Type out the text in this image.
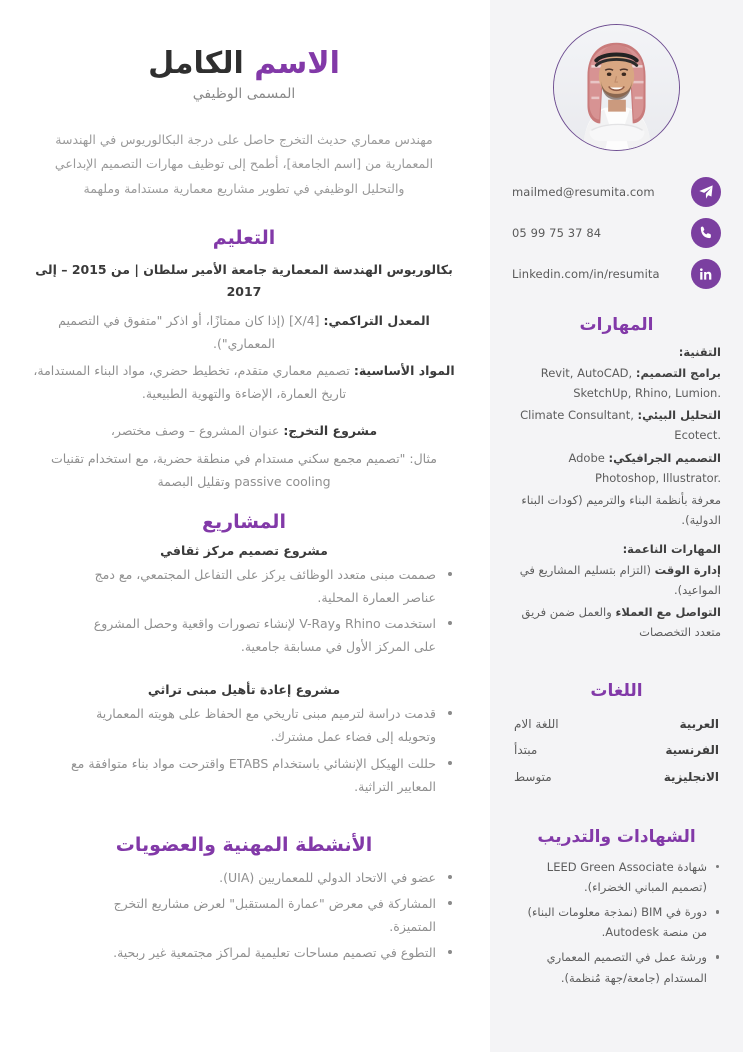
mailmed@resumita.com
05 99 75 37 84
Linkedin.com/in/resumita
المهارات
التقنية:

برامج التصميم: Revit, AutoCAD, SketchUp, Rhino, Lumion.

التحليل البيئي: Climate Consultant, Ecotect.

التصميم الجرافيكي: Adobe Photoshop, Illustrator.

معرفة بأنظمة البناء والترميم (كودات البناء الدولية).

المهارات الناعمة:

إدارة الوقت (التزام بتسليم المشاريع في المواعيد).

التواصل مع العملاء والعمل ضمن فريق متعدد التخصصات

اللغات
العربية
اللغة الام
الفرنسية
مبتدأ
الانجليزية
متوسط
الشهادات والتدريب
شهادة LEED Green Associate (تصميم المباني الخضراء).
دورة في BIM (نمذجة معلومات البناء) من منصة Autodesk.
ورشة عمل في التصميم المعماري المستدام (جامعة/جهة مُنظمة).
الاسم الكامل
المسمى الوظيفي

مهندس معماري حديث التخرج حاصل على درجة البكالوريوس في الهندسة المعمارية من [اسم الجامعة]، أطمح إلى توظيف مهارات التصميم الإبداعي والتحليل الوظيفي في تطوير مشاريع معمارية مستدامة وملهمة

التعليم
بكالوريوس الهندسة المعمارية جامعة الأمير سلطان | من 2015 – إلى 2017

المعدل التراكمي: [X/4] (إذا كان ممتازًا، أو اذكر "متفوق في التصميم المعماري").

المواد الأساسية: تصميم معماري متقدم، تخطيط حضري، مواد البناء المستدامة، تاريخ العمارة، الإضاءة والتهوية الطبيعية.

مشروع التخرج: عنوان المشروع – وصف مختصر،

مثال: "تصميم مجمع سكني مستدام في منطقة حضرية، مع استخدام تقنيات passive cooling وتقليل البصمة

المشاريع
مشروع تصميم مركز ثقافي
صممت مبنى متعدد الوظائف يركز على التفاعل المجتمعي، مع دمج عناصر العمارة المحلية.
استخدمت Rhino وV-Ray لإنشاء تصورات واقعية وحصل المشروع على المركز الأول في مسابقة جامعية.
مشروع إعادة تأهيل مبنى تراثي
قدمت دراسة لترميم مبنى تاريخي مع الحفاظ على هويته المعمارية وتحويله إلى فضاء عمل مشترك.
حللت الهيكل الإنشائي باستخدام ETABS واقترحت مواد بناء متوافقة مع المعايير التراثية.
الأنشطة المهنية والعضويات
عضو في الاتحاد الدولي للمعماريين (UIA).
المشاركة في معرض "عمارة المستقبل" لعرض مشاريع التخرج المتميزة.
التطوع في تصميم مساحات تعليمية لمراكز مجتمعية غير ربحية.
